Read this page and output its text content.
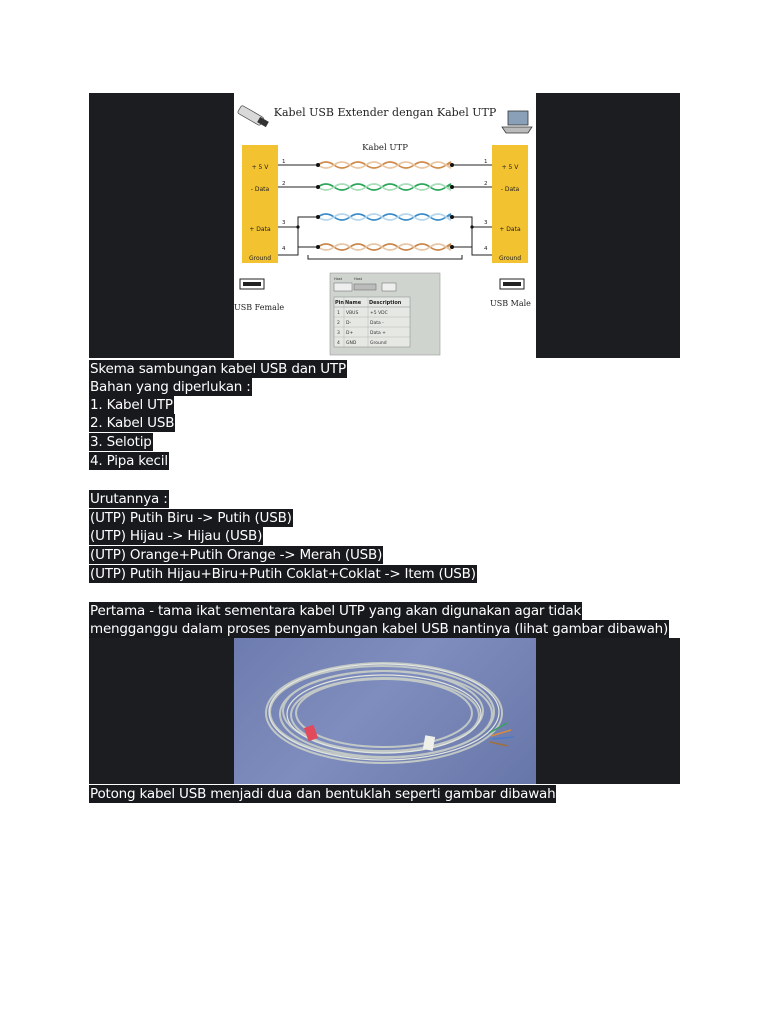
Kabel USB Extender dengan Kabel UTP
Kabel UTP
+ 5 V
- Data
+ Data
Ground
+ 5 V
- Data
+ Data
Ground
1
2
3
4
1
2
3
4
USB Female	USB Male
Host	Host
Pin Name Description
1 VBUS	+5 VDC
2 D-	Data -
3 D+	Data +
4 GND	Ground
Skema sambungan kabel USB dan UTP
Bahan yang diperlukan :
1. Kabel UTP
2. Kabel USB
3. Selotip
4. Pipa kecil
Urutannya :
(UTP) Putih Biru -> Putih (USB)
(UTP) Hijau -> Hijau (USB)
(UTP) Orange+Putih Orange -> Merah (USB)
(UTP) Putih Hijau+Biru+Putih Coklat+Coklat -> Item (USB)
Pertama - tama ikat sementara kabel UTP yang akan digunakan agar tidak
mengganggu dalam proses penyambungan kabel USB nantinya (lihat gambar dibawah)
Potong kabel USB menjadi dua dan bentuklah seperti gambar dibawah
